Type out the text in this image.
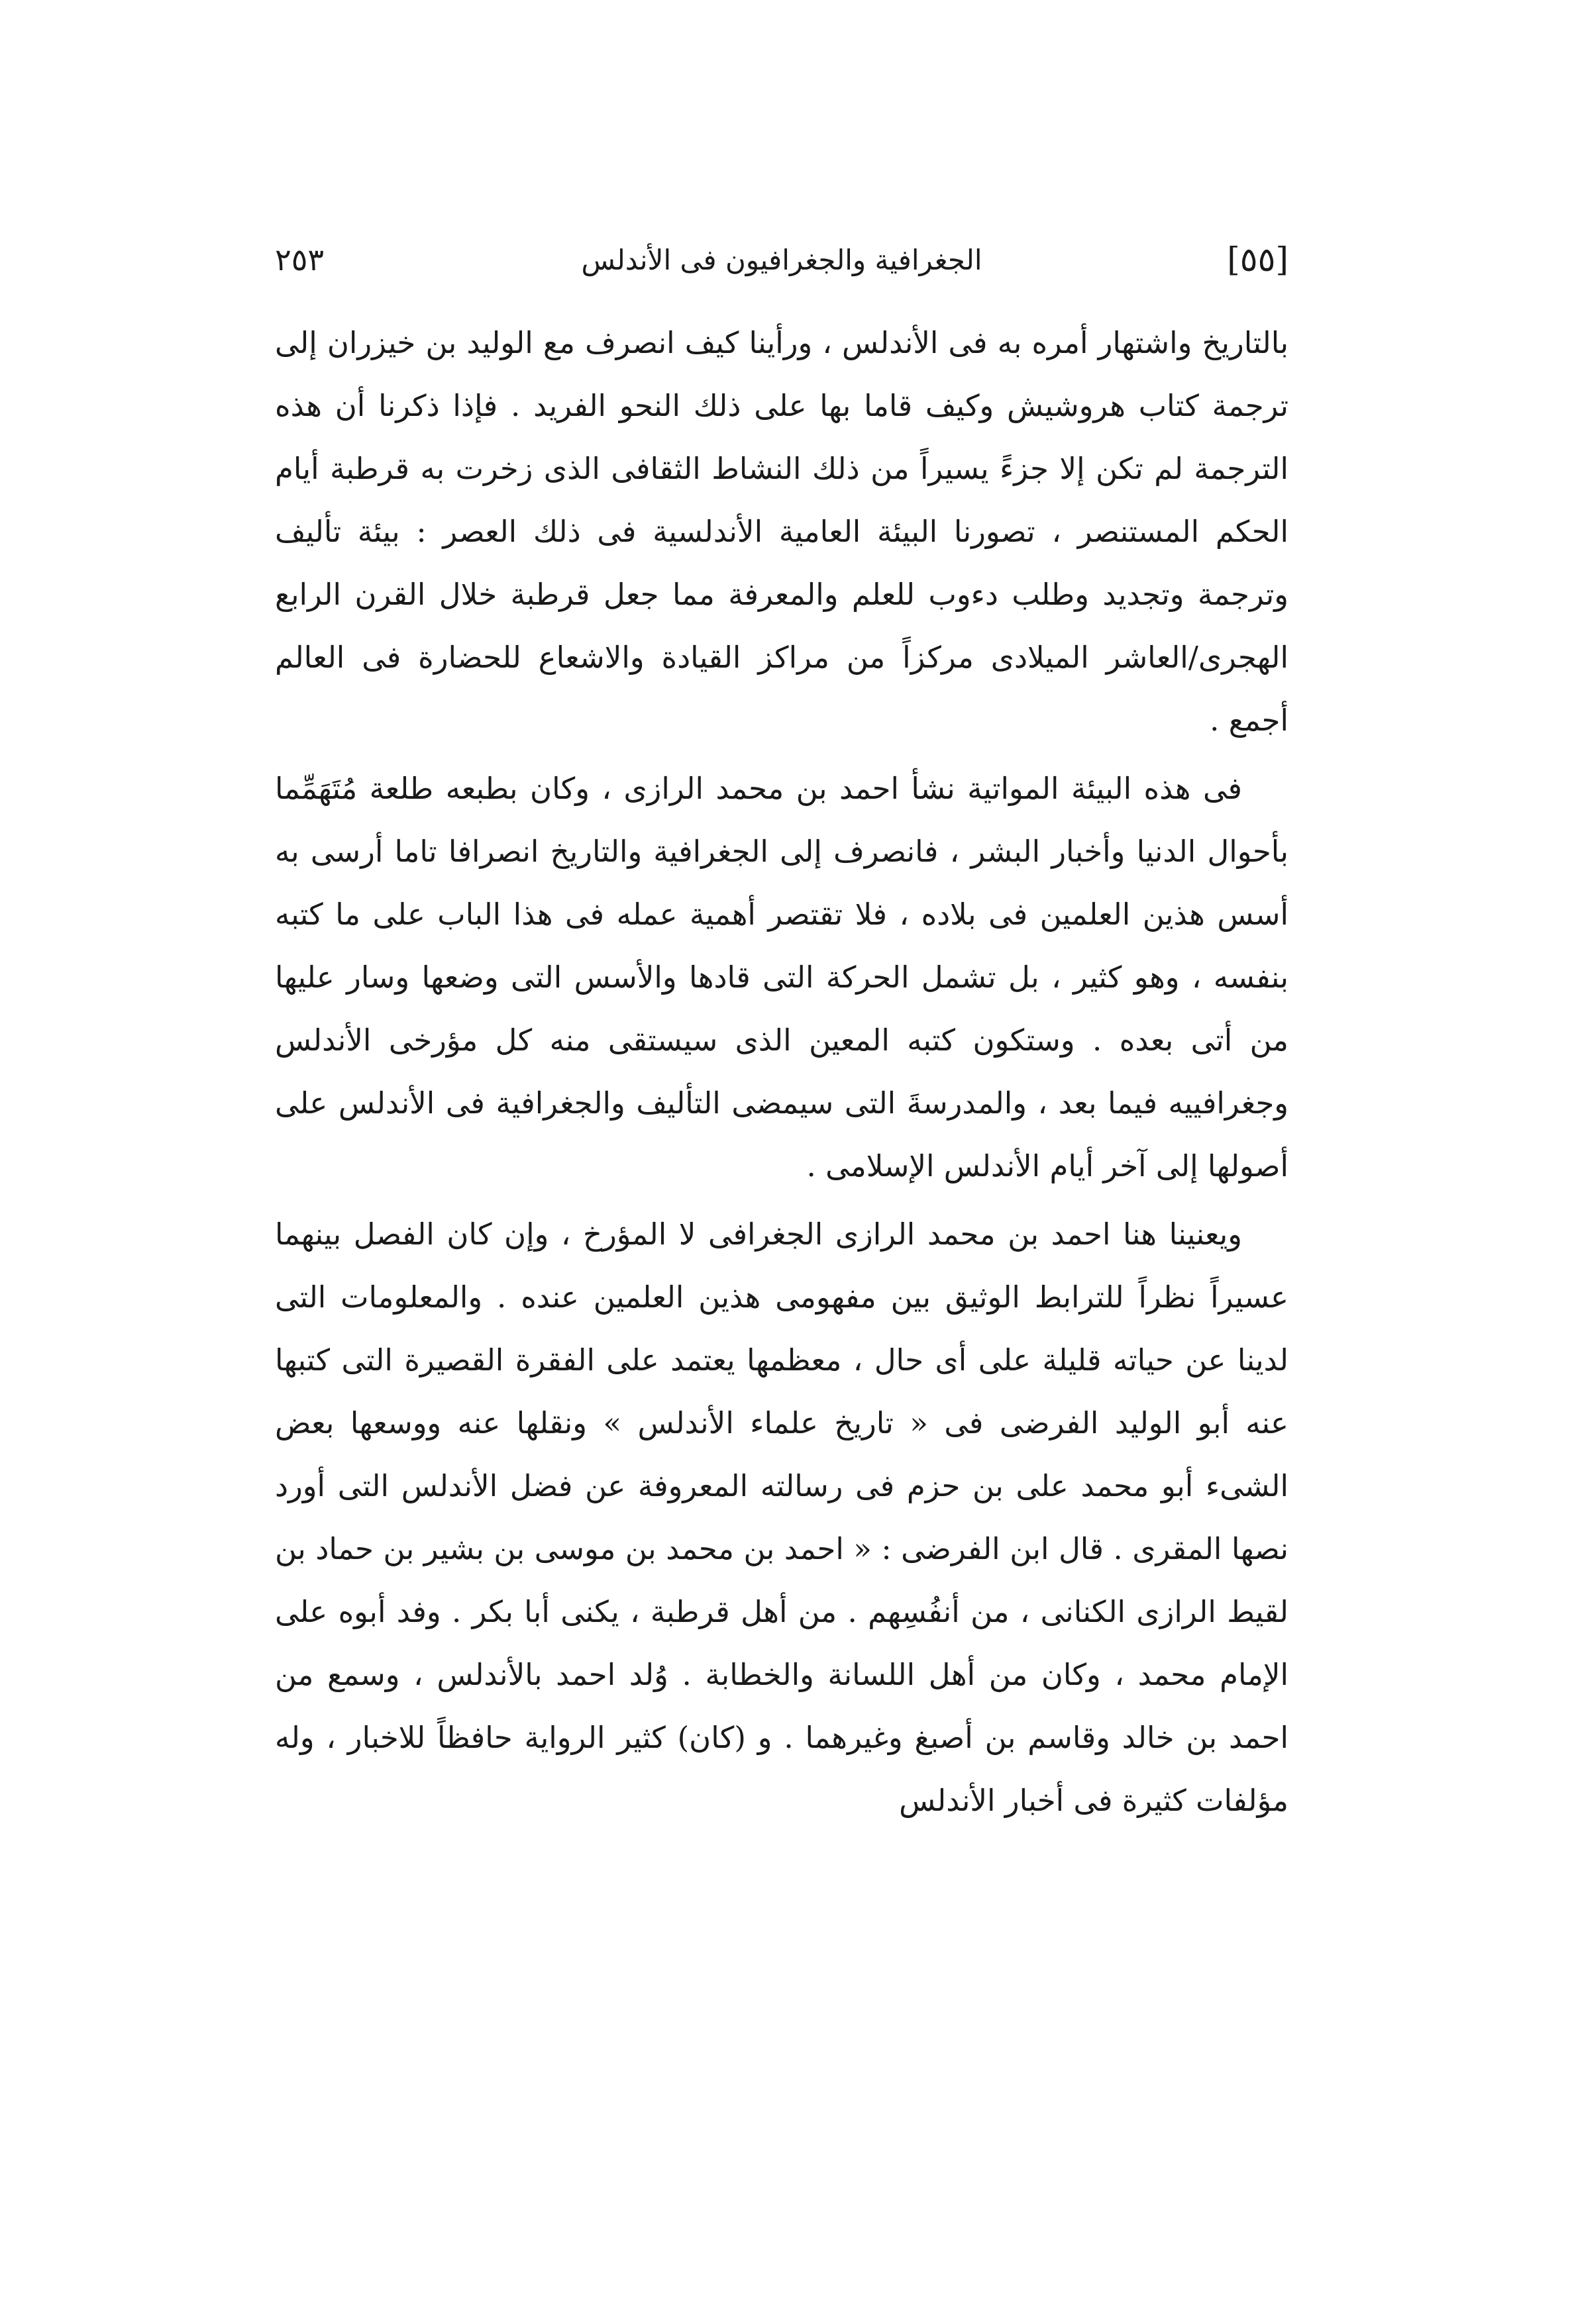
[٥٥]
الجغرافية والجغرافيون فى الأندلس
٢٥٣

بالتاريخ واشتهار أمره به فى الأندلس ، ورأينا كيف انصرف مع الوليد بن خيزران إلى ترجمة كتاب هروشيش وكيف قاما بها على ذلك النحو الفريد . فإذا ذكرنا أن هذه الترجمة لم تكن إلا جزءً يسيراً من ذلك النشاط الثقافى الذى زخرت به قرطبة أيام الحكم المستنصر ، تصورنا البيئة العامية الأندلسية فى ذلك العصر : بيئة تأليف وترجمة وتجديد وطلب دءوب للعلم والمعرفة مما جعل قرطبة خلال القرن الرابع الهجرى/العاشر الميلادى مركزاً من مراكز القيادة والاشعاع للحضارة فى العالم أجمع .

فى هذه البيئة المواتية نشأ احمد بن محمد الرازى ، وكان بطبعه طلعة مُتَهَمِّما بأحوال الدنيا وأخبار البشر ، فانصرف إلى الجغرافية والتاريخ انصرافا تاما أرسى به أسس هذين العلمين فى بلاده ، فلا تقتصر أهمية عمله فى هذا الباب على ما كتبه بنفسه ، وهو كثير ، بل تشمل الحركة التى قادها والأسس التى وضعها وسار عليها من أتى بعده . وستكون كتبه المعين الذى سيستقى منه كل مؤرخى الأندلس وجغرافييه فيما بعد ، والمدرسةَ التى سيمضى التأليف والجغرافية فى الأندلس على أصولها إلى آخر أيام الأندلس الإسلامى .

ويعنينا هنا احمد بن محمد الرازى الجغرافى لا المؤرخ ، وإن كان الفصل بينهما عسيراً نظراً للترابط الوثيق بين مفهومى هذين العلمين عنده . والمعلومات التى لدينا عن حياته قليلة على أى حال ، معظمها يعتمد على الفقرة القصيرة التى كتبها عنه أبو الوليد الفرضى فى « تاريخ علماء الأندلس » ونقلها عنه ووسعها بعض الشىء أبو محمد على بن حزم فى رسالته المعروفة عن فضل الأندلس التى أورد نصها المقرى . قال ابن الفرضى : « احمد بن محمد بن موسى بن بشير بن حماد بن لقيط الرازى الكنانى ، من أنفُسِهم . من أهل قرطبة ، يكنى أبا بكر . وفد أبوه على الإمام محمد ، وكان من أهل اللسانة والخطابة . وُلد احمد بالأندلس ، وسمع من احمد بن خالد وقاسم بن أصبغ وغيرهما . و (كان) كثير الرواية حافظاً للاخبار ، وله مؤلفات كثيرة فى أخبار الأندلس
